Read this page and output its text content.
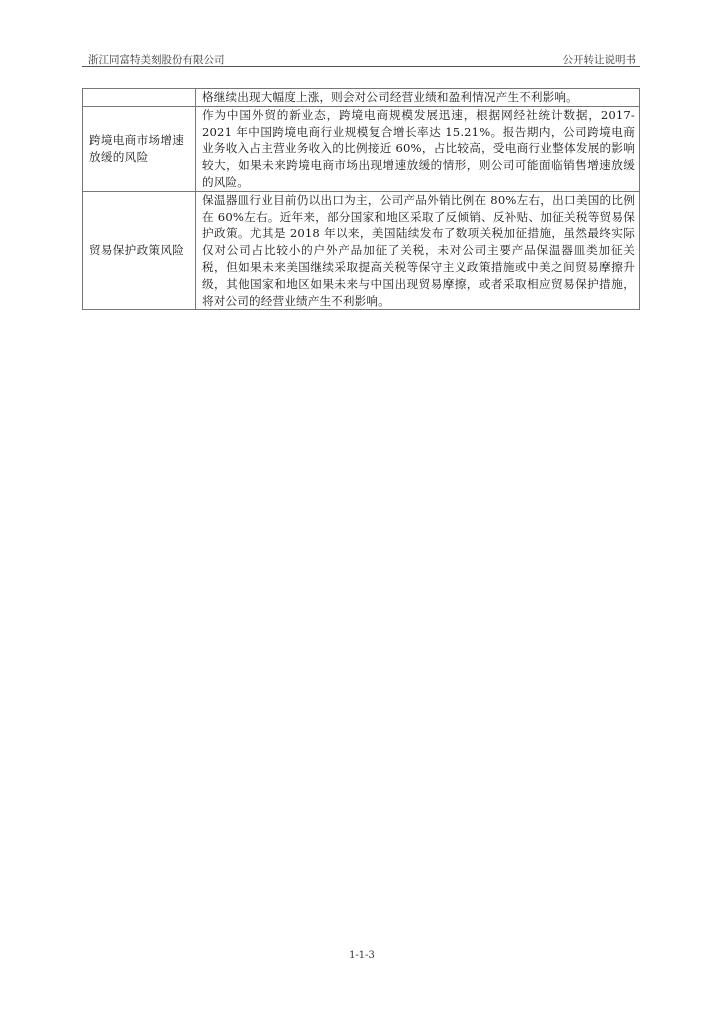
浙江同富特美刻股份有限公司	公开转让说明书
	格继续出现大幅度上涨，则会对公司经营业绩和盈利情况产生不利影响。
跨境电商市场增速放缓的风险	作为中国外贸的新业态，跨境电商规模发展迅速，根据网经社统计数据，2017-2021 年中国跨境电商行业规模复合增长率达 15.21%。报告期内，公司跨境电商业务收入占主营业务收入的比例接近 60%，占比较高，受电商行业整体发展的影响较大，如果未来跨境电商市场出现增速放缓的情形，则公司可能面临销售增速放缓的风险。
贸易保护政策风险	保温器皿行业目前仍以出口为主，公司产品外销比例在 80%左右，出口美国的比例在 60%左右。近年来，部分国家和地区采取了反倾销、反补贴、加征关税等贸易保护政策。尤其是 2018 年以来，美国陆续发布了数项关税加征措施，虽然最终实际仅对公司占比较小的户外产品加征了关税，未对公司主要产品保温器皿类加征关税，但如果未来美国继续采取提高关税等保守主义政策措施或中美之间贸易摩擦升级，其他国家和地区如果未来与中国出现贸易摩擦，或者采取相应贸易保护措施，将对公司的经营业绩产生不利影响。
1-1-3
